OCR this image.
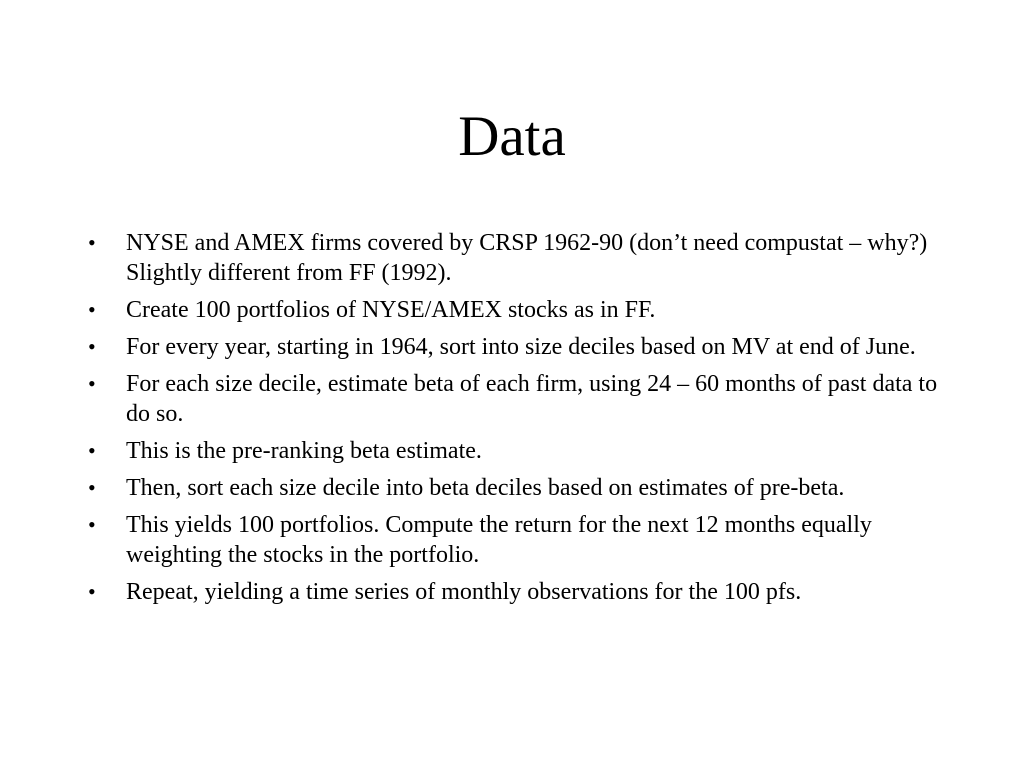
Data
•	NYSE and AMEX firms covered by CRSP 1962-90 (don’t need compustat – why?) Slightly different from FF (1992).
•	Create 100 portfolios of NYSE/AMEX stocks as in FF.
•	For every year, starting in 1964, sort into size deciles based on MV at end of June.
•	For each size decile, estimate beta of each firm, using 24 – 60 months of past data to do so.
•	This is the pre-ranking beta estimate.
•	Then, sort each size decile into beta deciles based on estimates of pre-beta.
•	This yields 100 portfolios. Compute the return for the next 12 months equally weighting the stocks in the portfolio.
•	Repeat, yielding a time series of monthly observations for the 100 pfs.
